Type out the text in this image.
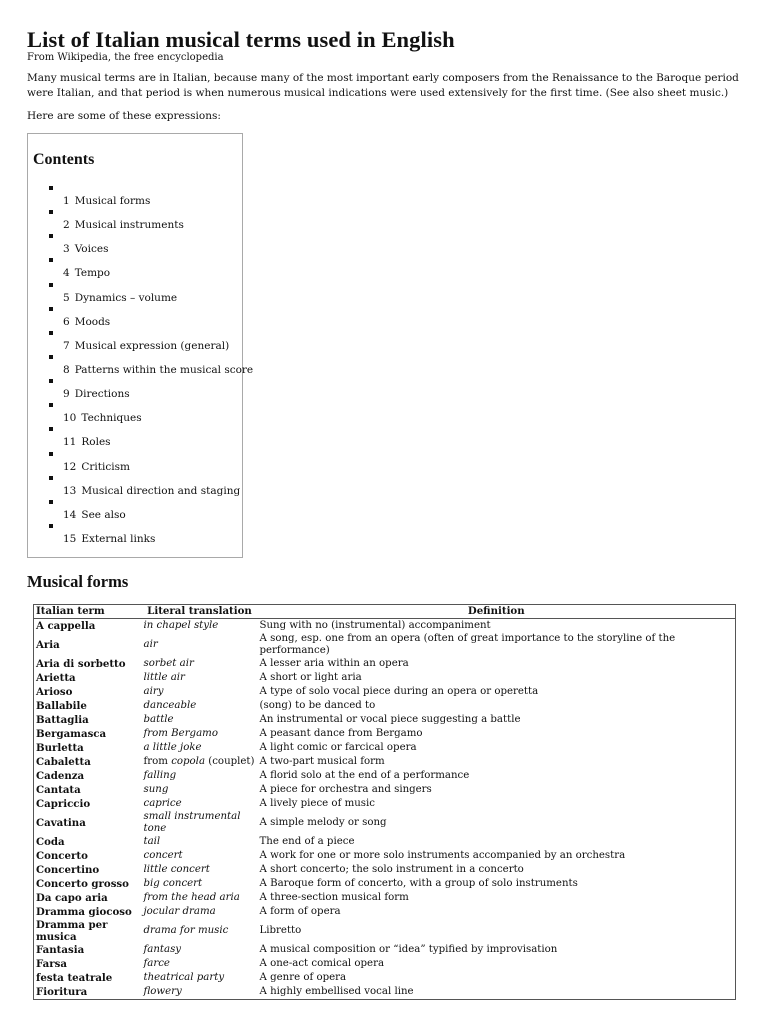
List of Italian musical terms used in English
From Wikipedia, the free encyclopedia
Many musical terms are in Italian, because many of the most important early composers from the Renaissance to the Baroque period were Italian, and that period is when numerous musical indications were used extensively for the first time. (See also sheet music.)
Here are some of these expressions:
Contents
1 Musical forms
2 Musical instruments
3 Voices
4 Tempo
5 Dynamics – volume
6 Moods
7 Musical expression (general)
8 Patterns within the musical score
9 Directions
10 Techniques
11 Roles
12 Criticism
13 Musical direction and staging
14 See also
15 External links
Musical forms
Italian term	Literal translation	Definition
A cappella	in chapel style	Sung with no (instrumental) accompaniment
Aria	air	A song, esp. one from an opera (often of great importance to the storyline of the performance)
Aria di sorbetto	sorbet air	A lesser aria within an opera
Arietta	little air	A short or light aria
Arioso	airy	A type of solo vocal piece during an opera or operetta
Ballabile	danceable	(song) to be danced to
Battaglia	battle	An instrumental or vocal piece suggesting a battle
Bergamasca	from Bergamo	A peasant dance from Bergamo
Burletta	a little joke	A light comic or farcical opera
Cabaletta	from copola (couplet)	A two-part musical form
Cadenza	falling	A florid solo at the end of a performance
Cantata	sung	A piece for orchestra and singers
Capriccio	caprice	A lively piece of music
Cavatina	small instrumental tone	A simple melody or song
Coda	tail	The end of a piece
Concerto	concert	A work for one or more solo instruments accompanied by an orchestra
Concertino	little concert	A short concerto; the solo instrument in a concerto
Concerto grosso	big concert	A Baroque form of concerto, with a group of solo instruments
Da capo aria	from the head aria	A three-section musical form
Dramma giocoso	jocular drama	A form of opera
Dramma per musica	drama for music	Libretto
Fantasia	fantasy	A musical composition or “idea” typified by improvisation
Farsa	farce	A one-act comical opera
festa teatrale	theatrical party	A genre of opera
Fioritura	flowery	A highly embellised vocal line
